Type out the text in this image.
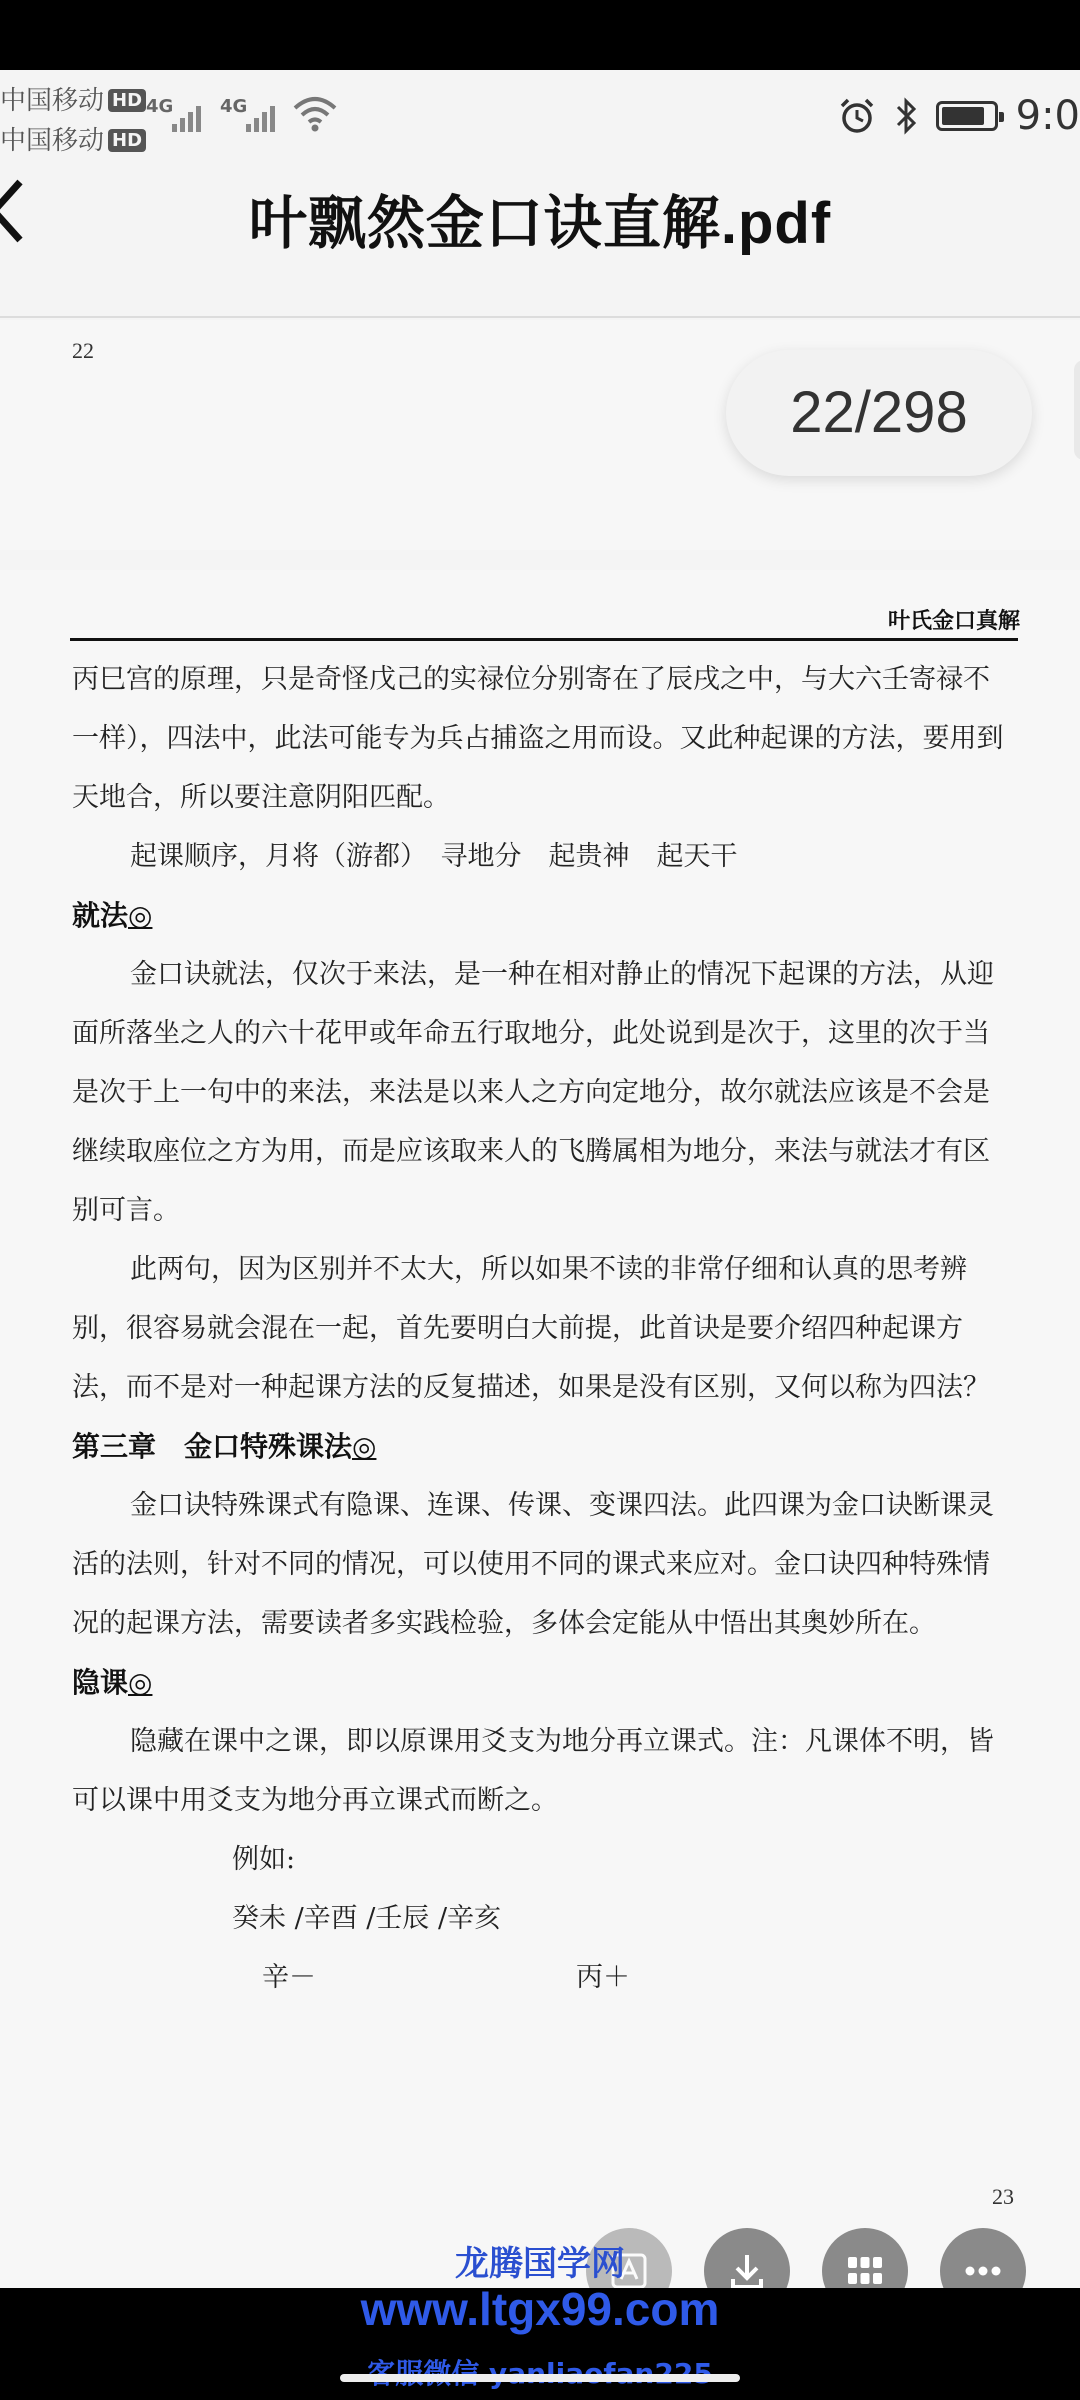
中国移动 HD
中国移动 HD
4G	4G	9:0
叶飘然金口诀直解.pdf
22
22/298
叶氏金口真解

丙巳宫的原理，只是奇怪戊己的实禄位分别寄在了辰戌之中，与大六壬寄禄不一样），四法中，此法可能专为兵占捕盗之用而设。又此种起课的方法，要用到天地合，所以要注意阴阳匹配。

起课顺序，月将（游都）　寻地分　起贵神　起天干

就法◎

金口诀就法，仅次于来法，是一种在相对静止的情况下起课的方法，从迎面所落坐之人的六十花甲或年命五行取地分，此处说到是次于，这里的次于当是次于上一句中的来法，来法是以来人之方向定地分，故尔就法应该是不会是继续取座位之方为用，而是应该取来人的飞腾属相为地分，来法与就法才有区别可言。

此两句，因为区别并不太大，所以如果不读的非常仔细和认真的思考辨别，很容易就会混在一起，首先要明白大前提，此首诀是要介绍四种起课方法，而不是对一种起课方法的反复描述，如果是没有区别，又何以称为四法？

第三章　金口特殊课法◎

金口诀特殊课式有隐课、连课、传课、变课四法。此四课为金口诀断课灵活的法则，针对不同的情况，可以使用不同的课式来应对。金口诀四种特殊情况的起课方法，需要读者多实践检验，多体会定能从中悟出其奥妙所在。

隐课◎

隐藏在课中之课，即以原课用爻支为地分再立课式。注：凡课体不明，皆可以课中用爻支为地分再立课式而断之。

例如:

癸未 /辛酉 /壬辰 /辛亥

辛－	丙＋

23
龙腾国学网
www.ltgx99.com
